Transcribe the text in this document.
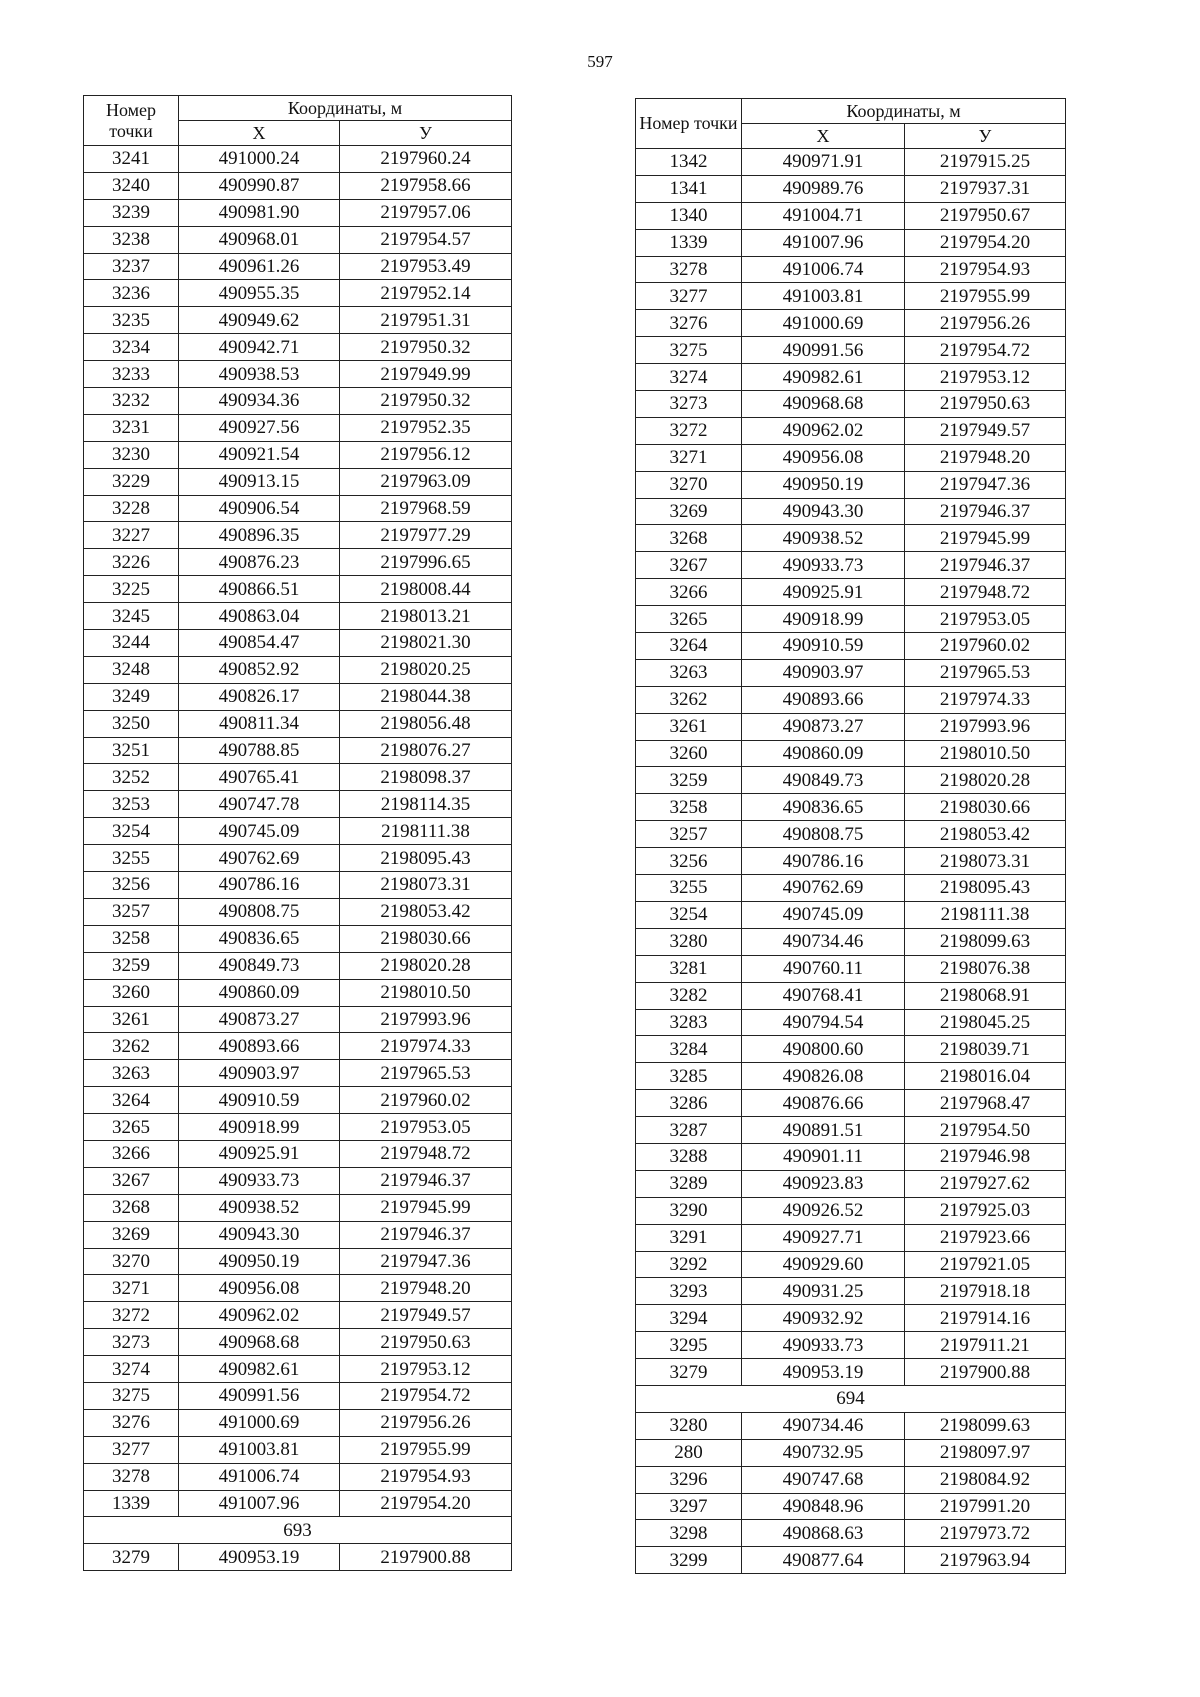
597
Номер точки	Координаты, м	
	X	У
3241	491000.24	2197960.24
3240	490990.87	2197958.66
3239	490981.90	2197957.06
3238	490968.01	2197954.57
3237	490961.26	2197953.49
3236	490955.35	2197952.14
3235	490949.62	2197951.31
3234	490942.71	2197950.32
3233	490938.53	2197949.99
3232	490934.36	2197950.32
3231	490927.56	2197952.35
3230	490921.54	2197956.12
3229	490913.15	2197963.09
3228	490906.54	2197968.59
3227	490896.35	2197977.29
3226	490876.23	2197996.65
3225	490866.51	2198008.44
3245	490863.04	2198013.21
3244	490854.47	2198021.30
3248	490852.92	2198020.25
3249	490826.17	2198044.38
3250	490811.34	2198056.48
3251	490788.85	2198076.27
3252	490765.41	2198098.37
3253	490747.78	2198114.35
3254	490745.09	2198111.38
3255	490762.69	2198095.43
3256	490786.16	2198073.31
3257	490808.75	2198053.42
3258	490836.65	2198030.66
3259	490849.73	2198020.28
3260	490860.09	2198010.50
3261	490873.27	2197993.96
3262	490893.66	2197974.33
3263	490903.97	2197965.53
3264	490910.59	2197960.02
3265	490918.99	2197953.05
3266	490925.91	2197948.72
3267	490933.73	2197946.37
3268	490938.52	2197945.99
3269	490943.30	2197946.37
3270	490950.19	2197947.36
3271	490956.08	2197948.20
3272	490962.02	2197949.57
3273	490968.68	2197950.63
3274	490982.61	2197953.12
3275	490991.56	2197954.72
3276	491000.69	2197956.26
3277	491003.81	2197955.99
3278	491006.74	2197954.93
1339	491007.96	2197954.20
693		
3279	490953.19	2197900.88
Номер точки	Координаты, м	
	X	У
1342	490971.91	2197915.25
1341	490989.76	2197937.31
1340	491004.71	2197950.67
1339	491007.96	2197954.20
3278	491006.74	2197954.93
3277	491003.81	2197955.99
3276	491000.69	2197956.26
3275	490991.56	2197954.72
3274	490982.61	2197953.12
3273	490968.68	2197950.63
3272	490962.02	2197949.57
3271	490956.08	2197948.20
3270	490950.19	2197947.36
3269	490943.30	2197946.37
3268	490938.52	2197945.99
3267	490933.73	2197946.37
3266	490925.91	2197948.72
3265	490918.99	2197953.05
3264	490910.59	2197960.02
3263	490903.97	2197965.53
3262	490893.66	2197974.33
3261	490873.27	2197993.96
3260	490860.09	2198010.50
3259	490849.73	2198020.28
3258	490836.65	2198030.66
3257	490808.75	2198053.42
3256	490786.16	2198073.31
3255	490762.69	2198095.43
3254	490745.09	2198111.38
3280	490734.46	2198099.63
3281	490760.11	2198076.38
3282	490768.41	2198068.91
3283	490794.54	2198045.25
3284	490800.60	2198039.71
3285	490826.08	2198016.04
3286	490876.66	2197968.47
3287	490891.51	2197954.50
3288	490901.11	2197946.98
3289	490923.83	2197927.62
3290	490926.52	2197925.03
3291	490927.71	2197923.66
3292	490929.60	2197921.05
3293	490931.25	2197918.18
3294	490932.92	2197914.16
3295	490933.73	2197911.21
3279	490953.19	2197900.88
694		
3280	490734.46	2198099.63
280	490732.95	2198097.97
3296	490747.68	2198084.92
3297	490848.96	2197991.20
3298	490868.63	2197973.72
3299	490877.64	2197963.94
